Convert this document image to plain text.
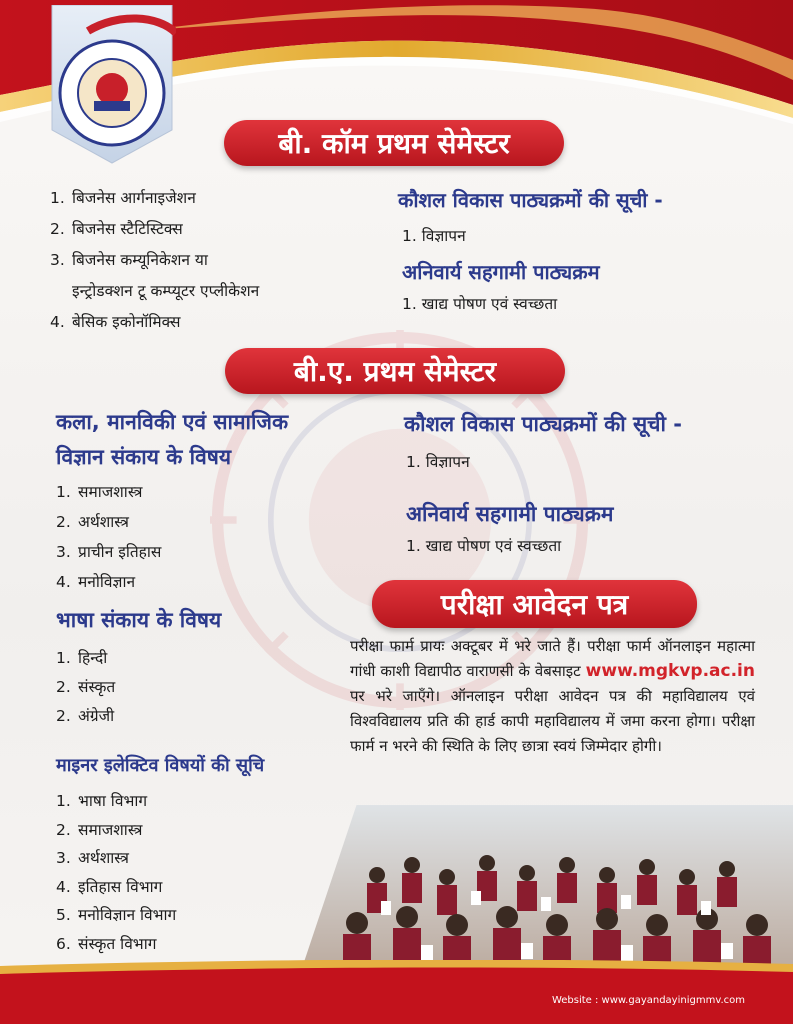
बी. कॉम प्रथम सेमेस्टर
1. बिजनेस आर्गनाइजेशन
2. बिजनेस स्टैटिस्टिक्स
3. बिजनेस कम्यूनिकेशन या
इन्ट्रोडक्शन टू कम्प्यूटर एप्लीकेशन
4. बेसिक इकोनॉमिक्स
कौशल विकास पाठ्यक्रमों की सूची -
1. विज्ञापन
अनिवार्य सहगामी पाठ्यक्रम
1. खाद्य पोषण एवं स्वच्छता
बी.ए. प्रथम सेमेस्टर
कला, मानविकी एवं सामाजिक
विज्ञान संकाय के विषय
1. समाजशास्त्र
2. अर्थशास्त्र
3. प्राचीन इतिहास
4. मनोविज्ञान
भाषा संकाय के विषय
1. हिन्दी
2. संस्कृत
2. अंग्रेजी
माइनर इलेक्टिव विषयों की सूचि
1. भाषा विभाग
2. समाजशास्त्र
3. अर्थशास्त्र
4. इतिहास विभाग
5. मनोविज्ञान विभाग
6. संस्कृत विभाग
कौशल विकास पाठ्यक्रमों की सूची -
1. विज्ञापन
अनिवार्य सहगामी पाठ्यक्रम
1. खाद्य पोषण एवं स्वच्छता
परीक्षा आवेदन पत्र

परीक्षा फार्म प्रायः अक्टूबर में भरे जाते हैं। परीक्षा फार्म ऑनलाइन महात्मा गांधी काशी विद्यापीठ वाराणसी के वेबसाइट www.mgkvp.ac.in पर भरे जाएँगे। ऑनलाइन परीक्षा आवेदन पत्र की महाविद्यालय एवं विश्वविद्यालय प्रति की हार्ड कापी महाविद्यालय में जमा करना होगा। परीक्षा फार्म न भरने की स्थिति के लिए छात्रा स्वयं जिम्मेदार होगी।

Website : www.gayandayinigmmv.com
